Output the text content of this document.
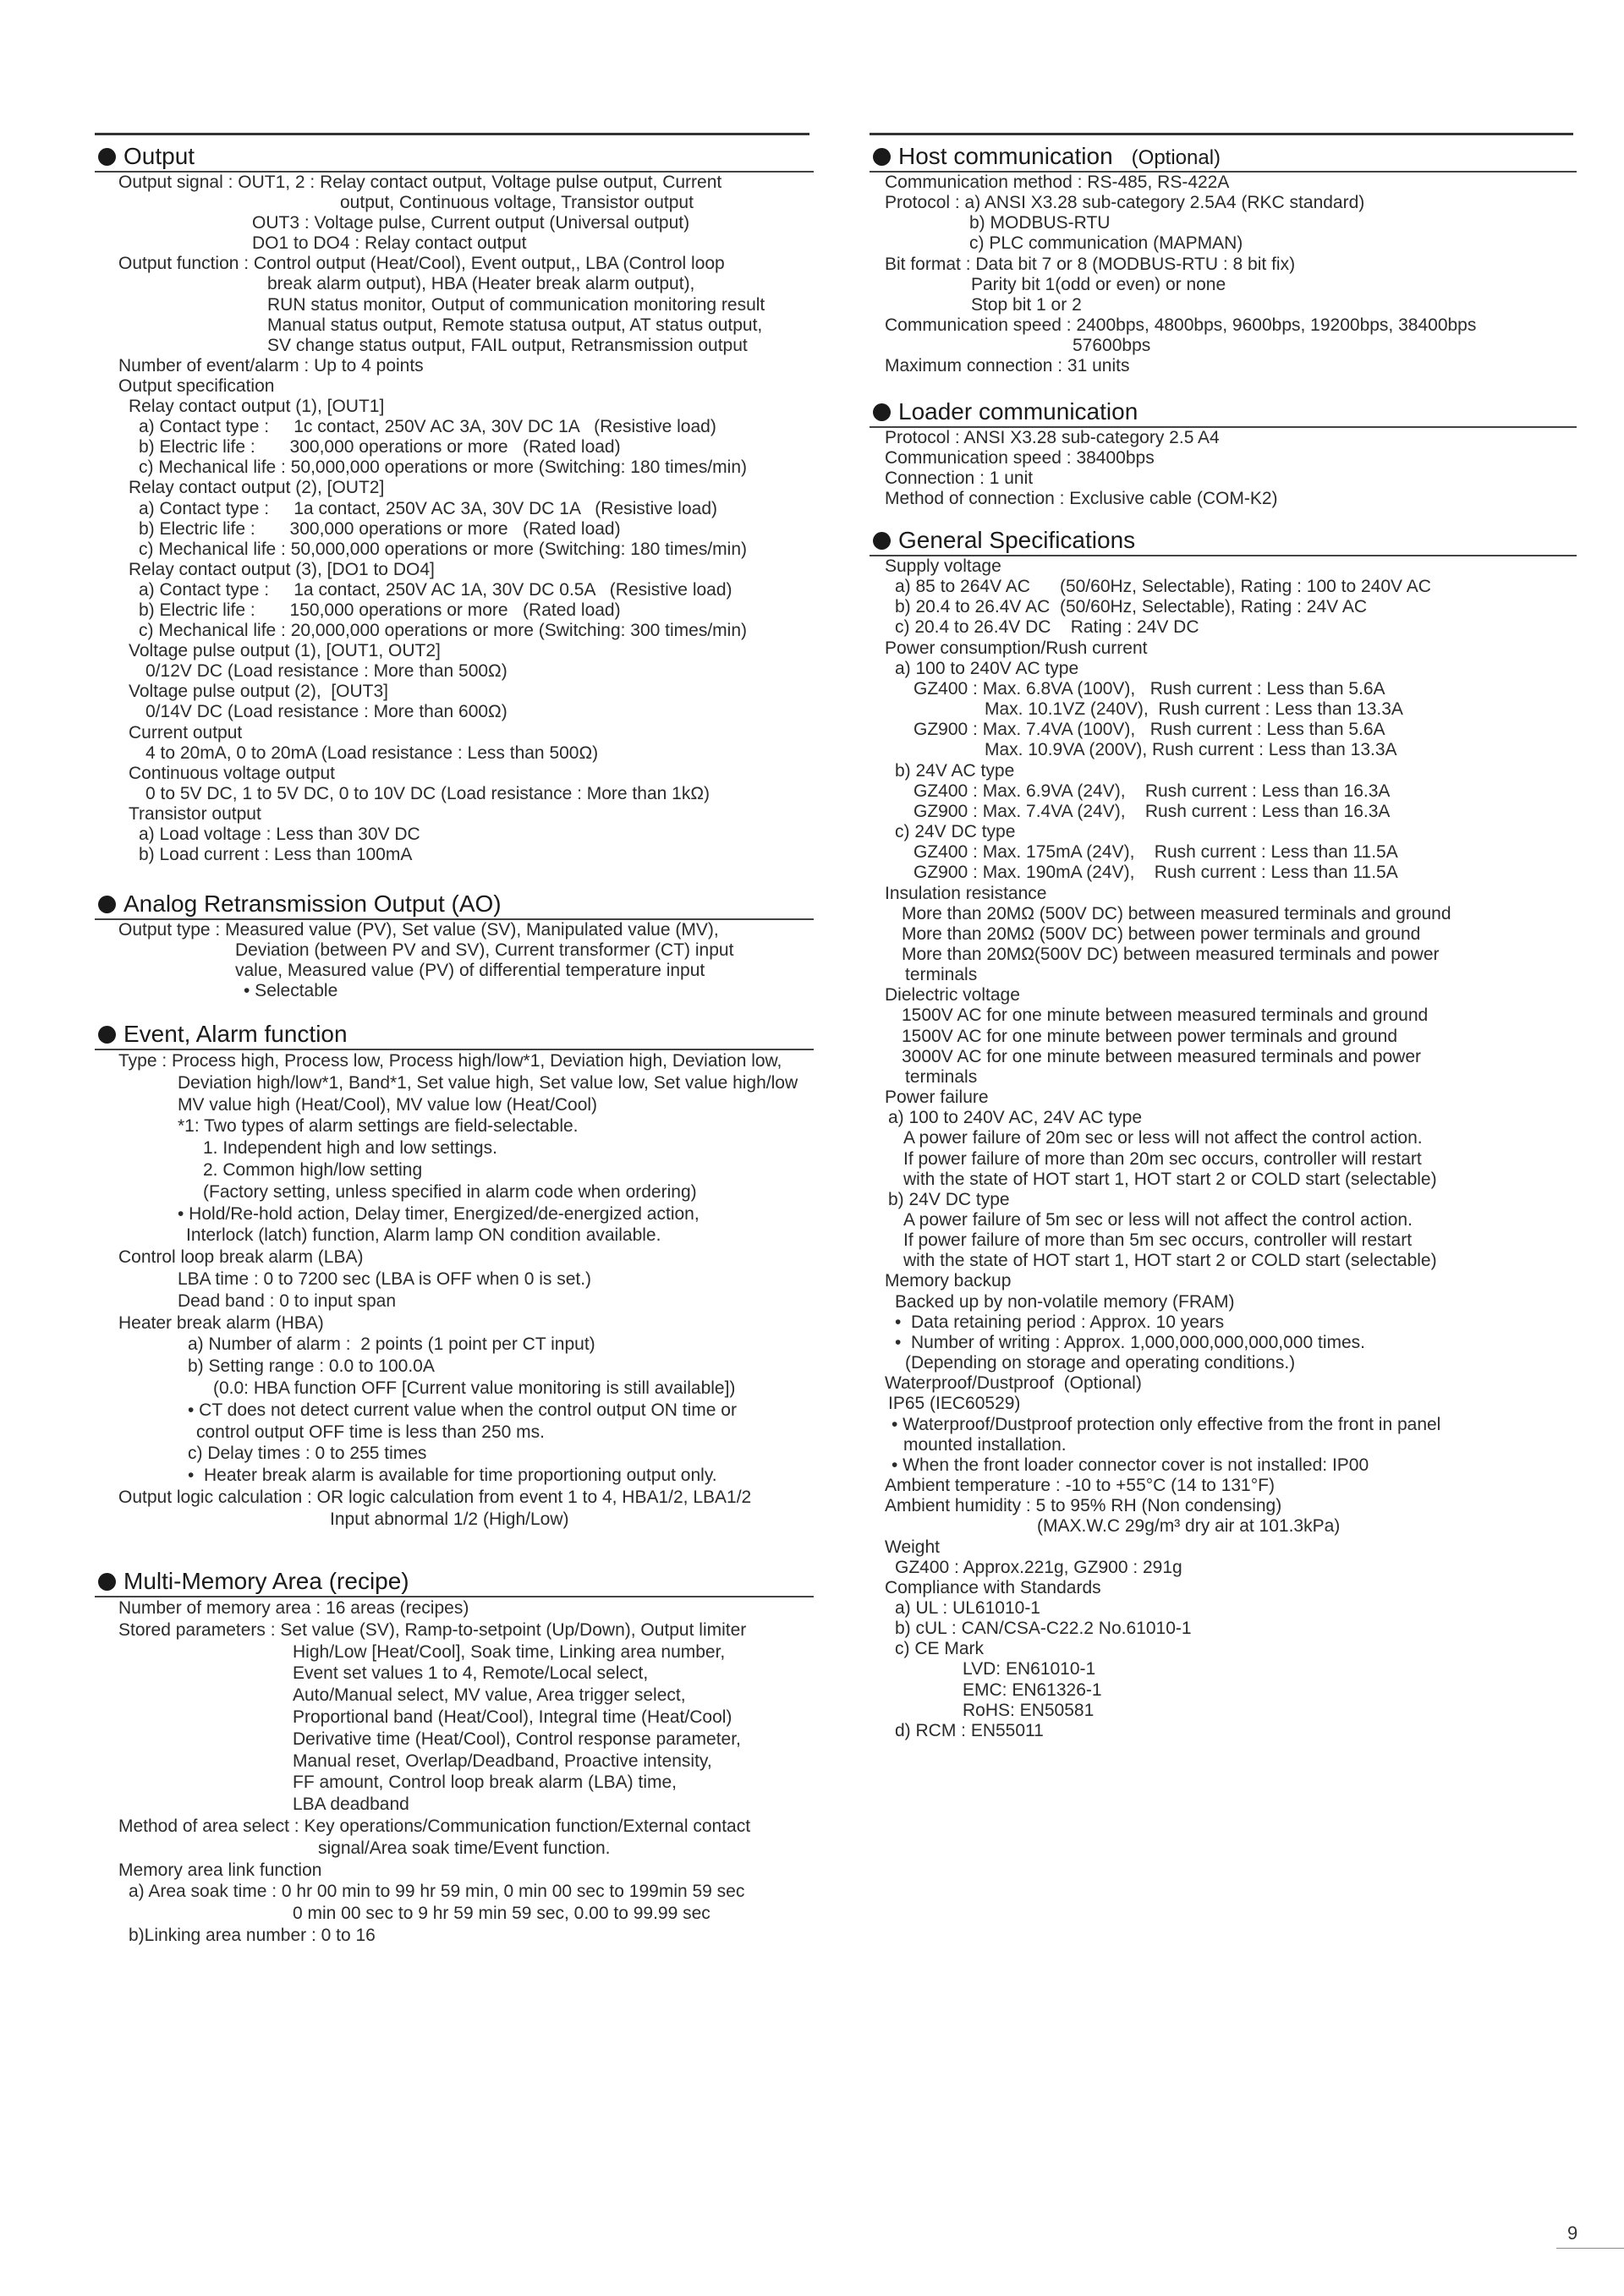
Output
Output signal : OUT1, 2 : Relay contact output, Voltage pulse output, Current
output, Continuous voltage, Transistor output
OUT3 : Voltage pulse, Current output (Universal output)
DO1 to DO4 : Relay contact output
Output function : Control output (Heat/Cool), Event output,, LBA (Control loop
break alarm output), HBA (Heater break alarm output),
RUN status monitor, Output of communication monitoring result
Manual status output, Remote statusa output, AT status output,
SV change status output, FAIL output, Retransmission output
Number of event/alarm : Up to 4 points
Output specification
Relay contact output (1), [OUT1]
a) Contact type :     1c contact, 250V AC 3A, 30V DC 1A   (Resistive load)
b) Electric life :       300,000 operations or more   (Rated load)
c) Mechanical life : 50,000,000 operations or more (Switching: 180 times/min)
Relay contact output (2), [OUT2]
a) Contact type :     1a contact, 250V AC 3A, 30V DC 1A   (Resistive load)
b) Electric life :       300,000 operations or more   (Rated load)
c) Mechanical life : 50,000,000 operations or more (Switching: 180 times/min)
Relay contact output (3), [DO1 to DO4]
a) Contact type :     1a contact, 250V AC 1A, 30V DC 0.5A   (Resistive load)
b) Electric life :       150,000 operations or more   (Rated load)
c) Mechanical life : 20,000,000 operations or more (Switching: 300 times/min)
Voltage pulse output (1), [OUT1, OUT2]
0/12V DC (Load resistance : More than 500Ω)
Voltage pulse output (2),  [OUT3]
0/14V DC (Load resistance : More than 600Ω)
Current output
4 to 20mA, 0 to 20mA (Load resistance : Less than 500Ω)
Continuous voltage output
0 to 5V DC, 1 to 5V DC, 0 to 10V DC (Load resistance : More than 1kΩ)
Transistor output
a) Load voltage : Less than 30V DC
b) Load current : Less than 100mA
Analog Retransmission Output (AO)
Output type : Measured value (PV), Set value (SV), Manipulated value (MV),
Deviation (between PV and SV), Current transformer (CT) input
value, Measured value (PV) of differential temperature input
• Selectable
Event, Alarm function
Type : Process high, Process low, Process high/low*1, Deviation high, Deviation low,
Deviation high/low*1, Band*1, Set value high, Set value low, Set value high/low
MV value high (Heat/Cool), MV value low (Heat/Cool)
*1: Two types of alarm settings are field-selectable.
1. Independent high and low settings.
2. Common high/low setting
(Factory setting, unless specified in alarm code when ordering)
• Hold/Re-hold action, Delay timer, Energized/de-energized action,
Interlock (latch) function, Alarm lamp ON condition available.
Control loop break alarm (LBA)
LBA time : 0 to 7200 sec (LBA is OFF when 0 is set.)
Dead band : 0 to input span
Heater break alarm (HBA)
a) Number of alarm :  2 points (1 point per CT input)
b) Setting range : 0.0 to 100.0A
(0.0: HBA function OFF [Current value monitoring is still available])
• CT does not detect current value when the control output ON time or
control output OFF time is less than 250 ms.
c) Delay times : 0 to 255 times
•  Heater break alarm is available for time proportioning output only.
Output logic calculation : OR logic calculation from event 1 to 4, HBA1/2, LBA1/2
Input abnormal 1/2 (High/Low)
Multi-Memory Area (recipe)
Number of memory area : 16 areas (recipes)
Stored parameters : Set value (SV), Ramp-to-setpoint (Up/Down), Output limiter
High/Low [Heat/Cool], Soak time, Linking area number,
Event set values 1 to 4, Remote/Local select,
Auto/Manual select, MV value, Area trigger select,
Proportional band (Heat/Cool), Integral time (Heat/Cool)
Derivative time (Heat/Cool), Control response parameter,
Manual reset, Overlap/Deadband, Proactive intensity,
FF amount, Control loop break alarm (LBA) time,
LBA deadband
Method of area select : Key operations/Communication function/External contact
signal/Area soak time/Event function.
Memory area link function
a) Area soak time : 0 hr 00 min to 99 hr 59 min, 0 min 00 sec to 199min 59 sec
0 min 00 sec to 9 hr 59 min 59 sec, 0.00 to 99.99 sec
b)Linking area number : 0 to 16
Host communication (Optional)
Communication method : RS-485, RS-422A
Protocol : a) ANSI X3.28 sub-category 2.5A4 (RKC standard)
b) MODBUS-RTU
c) PLC communication (MAPMAN)
Bit format : Data bit 7 or 8 (MODBUS-RTU : 8 bit fix)
Parity bit 1(odd or even) or none
Stop bit 1 or 2
Communication speed : 2400bps, 4800bps, 9600bps, 19200bps, 38400bps
57600bps
Maximum connection : 31 units
Loader communication
Protocol : ANSI X3.28 sub-category 2.5 A4
Communication speed : 38400bps
Connection : 1 unit
Method of connection : Exclusive cable (COM-K2)
General Specifications
Supply voltage
a) 85 to 264V AC      (50/60Hz, Selectable), Rating : 100 to 240V AC
b) 20.4 to 26.4V AC  (50/60Hz, Selectable), Rating : 24V AC
c) 20.4 to 26.4V DC    Rating : 24V DC
Power consumption/Rush current
a) 100 to 240V AC type
GZ400 : Max. 6.8VA (100V),   Rush current : Less than 5.6A
Max. 10.1VZ (240V),  Rush current : Less than 13.3A
GZ900 : Max. 7.4VA (100V),   Rush current : Less than 5.6A
Max. 10.9VA (200V), Rush current : Less than 13.3A
b) 24V AC type
GZ400 : Max. 6.9VA (24V),    Rush current : Less than 16.3A
GZ900 : Max. 7.4VA (24V),    Rush current : Less than 16.3A
c) 24V DC type
GZ400 : Max. 175mA (24V),    Rush current : Less than 11.5A
GZ900 : Max. 190mA (24V),    Rush current : Less than 11.5A
Insulation resistance
More than 20MΩ (500V DC) between measured terminals and ground
More than 20MΩ (500V DC) between power terminals and ground
More than 20MΩ(500V DC) between measured terminals and power
terminals
Dielectric voltage
1500V AC for one minute between measured terminals and ground
1500V AC for one minute between power terminals and ground
3000V AC for one minute between measured terminals and power
terminals
Power failure
a) 100 to 240V AC, 24V AC type
A power failure of 20m sec or less will not affect the control action.
If power failure of more than 20m sec occurs, controller will restart
with the state of HOT start 1, HOT start 2 or COLD start (selectable)
b) 24V DC type
A power failure of 5m sec or less will not affect the control action.
If power failure of more than 5m sec occurs, controller will restart
with the state of HOT start 1, HOT start 2 or COLD start (selectable)
Memory backup
Backed up by non-volatile memory (FRAM)
•  Data retaining period : Approx. 10 years
•  Number of writing : Approx. 1,000,000,000,000,000 times.
(Depending on storage and operating conditions.)
Waterproof/Dustproof  (Optional)
IP65 (IEC60529)
• Waterproof/Dustproof protection only effective from the front in panel
mounted installation.
• When the front loader connector cover is not installed: IP00
Ambient temperature : -10 to +55°C (14 to 131°F)
Ambient humidity : 5 to 95% RH (Non condensing)
(MAX.W.C 29g/m³ dry air at 101.3kPa)
Weight
GZ400 : Approx.221g, GZ900 : 291g
Compliance with Standards
a) UL : UL61010-1
b) cUL : CAN/CSA-C22.2 No.61010-1
c) CE Mark
LVD: EN61010-1
EMC: EN61326-1
RoHS: EN50581
d) RCM : EN55011
9
